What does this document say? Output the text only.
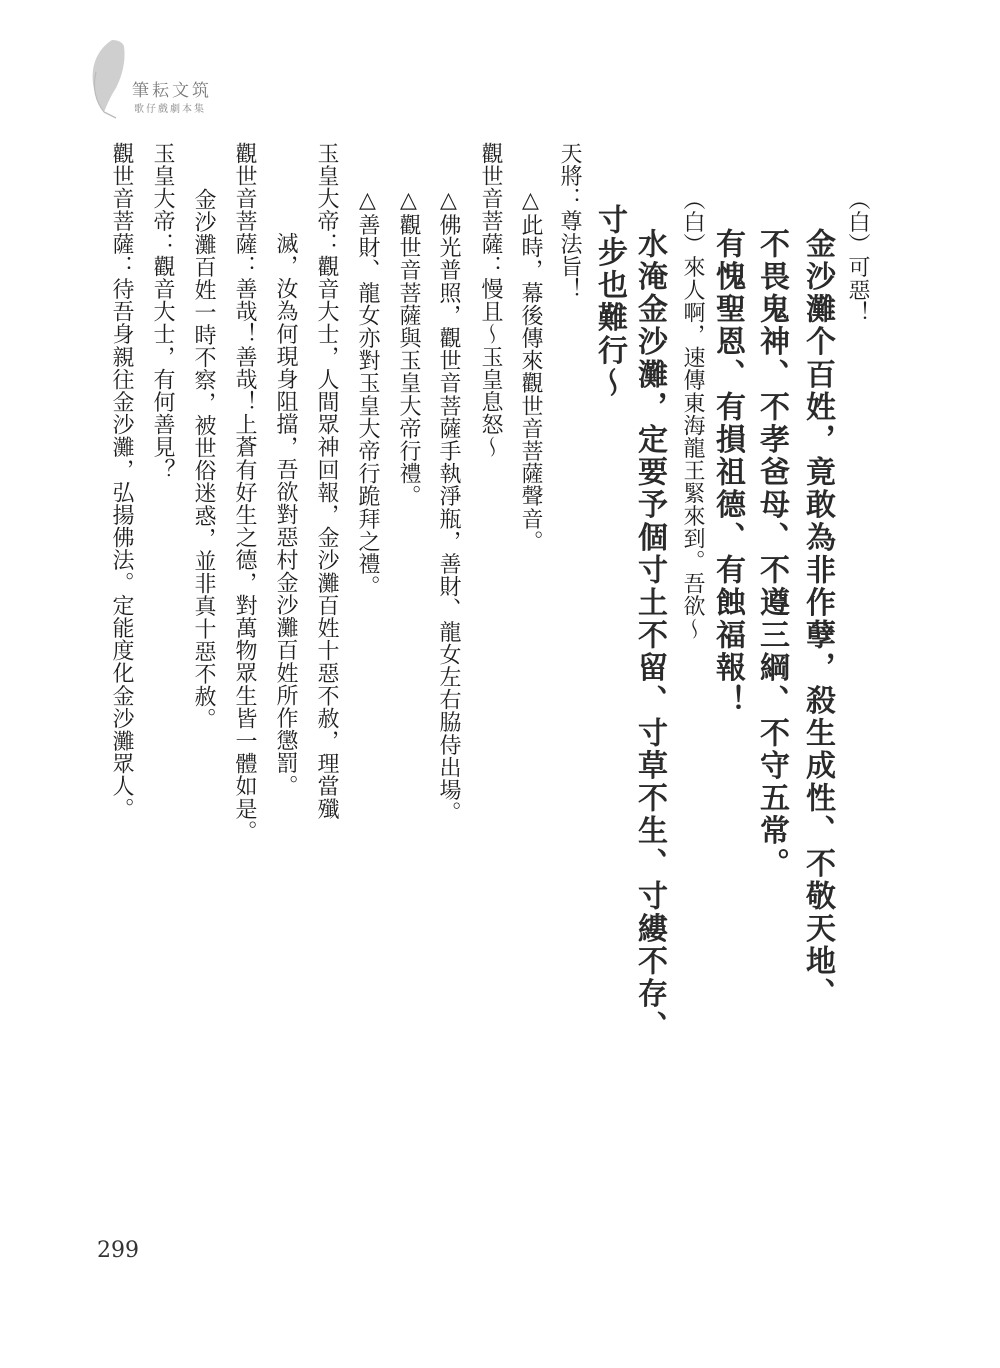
筆耘文筑
歌仔戲劇本集
（白）可惡！
金沙灘个百姓，竟敢為非作孽，殺生成性、不敬天地、
不畏鬼神、不孝爸母、不遵三綱、不守五常。
有愧聖恩、有損祖德、有蝕福報！
（白）來人啊，速傳東海龍王緊來到。吾欲～
水淹金沙灘，定要予個寸土不留、寸草不生、寸縷不存、
寸步也難行～
天將：尊法旨！
△此時，幕後傳來觀世音菩薩聲音。
觀世音菩薩：慢且～玉皇息怒～
△佛光普照，觀世音菩薩手執淨瓶，善財、龍女左右脇侍出場。
△觀世音菩薩與玉皇大帝行禮。
△善財、龍女亦對玉皇大帝行跪拜之禮。
玉皇大帝：觀音大士，人間眾神回報，金沙灘百姓十惡不赦，理當殲
滅，汝為何現身阻擋，吾欲對惡村金沙灘百姓所作懲罰。
觀世音菩薩：善哉！善哉！上蒼有好生之德，對萬物眾生皆一體如是。
金沙灘百姓一時不察，被世俗迷惑，並非真十惡不赦。
玉皇大帝：觀音大士，有何善見？
觀世音菩薩：待吾身親往金沙灘，弘揚佛法。定能度化金沙灘眾人。
299
